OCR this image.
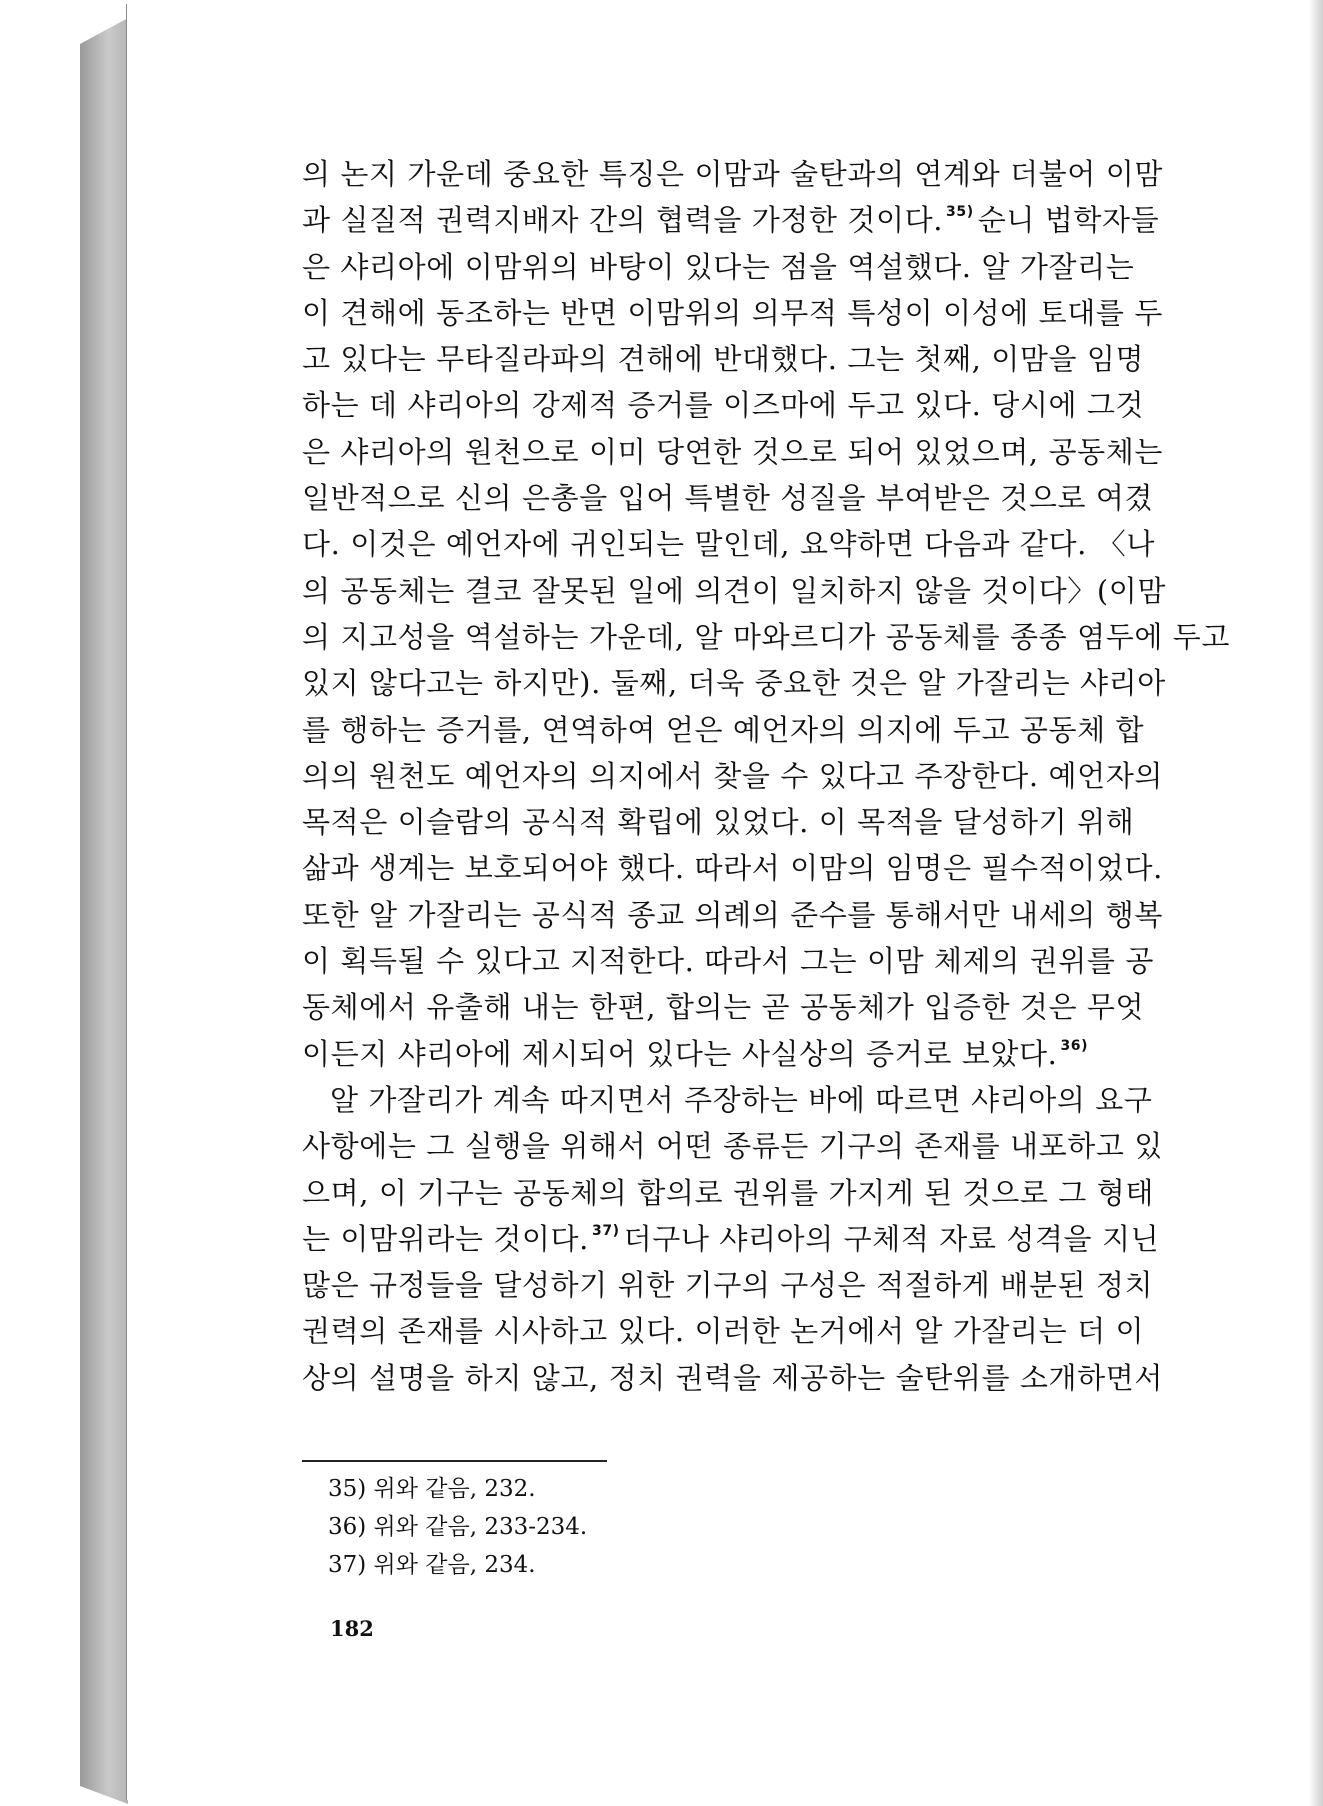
의 논지 가운데 중요한 특징은 이맘과 술탄과의 연계와 더불어 이맘
과 실질적 권력지배자 간의 협력을 가정한 것이다. $^{35)}$ 순니 법학자들
은 샤리아에 이맘위의 바탕이 있다는 점을 역설했다. 알 가잘리는
이 견해에 동조하는 반면 이맘위의 의무적 특성이 이성에 토대를 두
고 있다는 무타질라파의 견해에 반대했다. 그는 첫째, 이맘을 임명
하는 데 샤리아의 강제적 증거를 이즈마에 두고 있다. 당시에 그것
은 샤리아의 원천으로 이미 당연한 것으로 되어 있었으며, 공동체는
일반적으로 신의 은총을 입어 특별한 성질을 부여받은 것으로 여겼
다. 이것은 예언자에 귀인되는 말인데, 요약하면 다음과 같다. 〈나
의 공동체는 결코 잘못된 일에 의견이 일치하지 않을 것이다〉(이맘
의 지고성을 역설하는 가운데, 알 마와르디가 공동체를 종종 염두에 두고
있지 않다고는 하지만). 둘째, 더욱 중요한 것은 알 가잘리는 샤리아
를 행하는 증거를, 연역하여 얻은 예언자의 의지에 두고 공동체 합
의의 원천도 예언자의 의지에서 찾을 수 있다고 주장한다. 예언자의
목적은 이슬람의 공식적 확립에 있었다. 이 목적을 달성하기 위해
삶과 생계는 보호되어야 했다. 따라서 이맘의 임명은 필수적이었다.
또한 알 가잘리는 공식적 종교 의례의 준수를 통해서만 내세의 행복
이 획득될 수 있다고 지적한다. 따라서 그는 이맘 체제의 권위를 공
동체에서 유출해 내는 한편, 합의는 곧 공동체가 입증한 것은 무엇
이든지 샤리아에 제시되어 있다는 사실상의 증거로 보았다. $^{36)}$
알 가잘리가 계속 따지면서 주장하는 바에 따르면 샤리아의 요구
사항에는 그 실행을 위해서 어떤 종류든 기구의 존재를 내포하고 있
으며, 이 기구는 공동체의 합의로 권위를 가지게 된 것으로 그 형태
는 이맘위라는 것이다. $^{37)}$ 더구나 샤리아의 구체적 자료 성격을 지닌
많은 규정들을 달성하기 위한 기구의 구성은 적절하게 배분된 정치
권력의 존재를 시사하고 있다. 이러한 논거에서 알 가잘리는 더 이
상의 설명을 하지 않고, 정치 권력을 제공하는 술탄위를 소개하면서
35) 위와 같음, 232.
36) 위와 같음, 233-234.
37) 위와 같음, 234.
182
